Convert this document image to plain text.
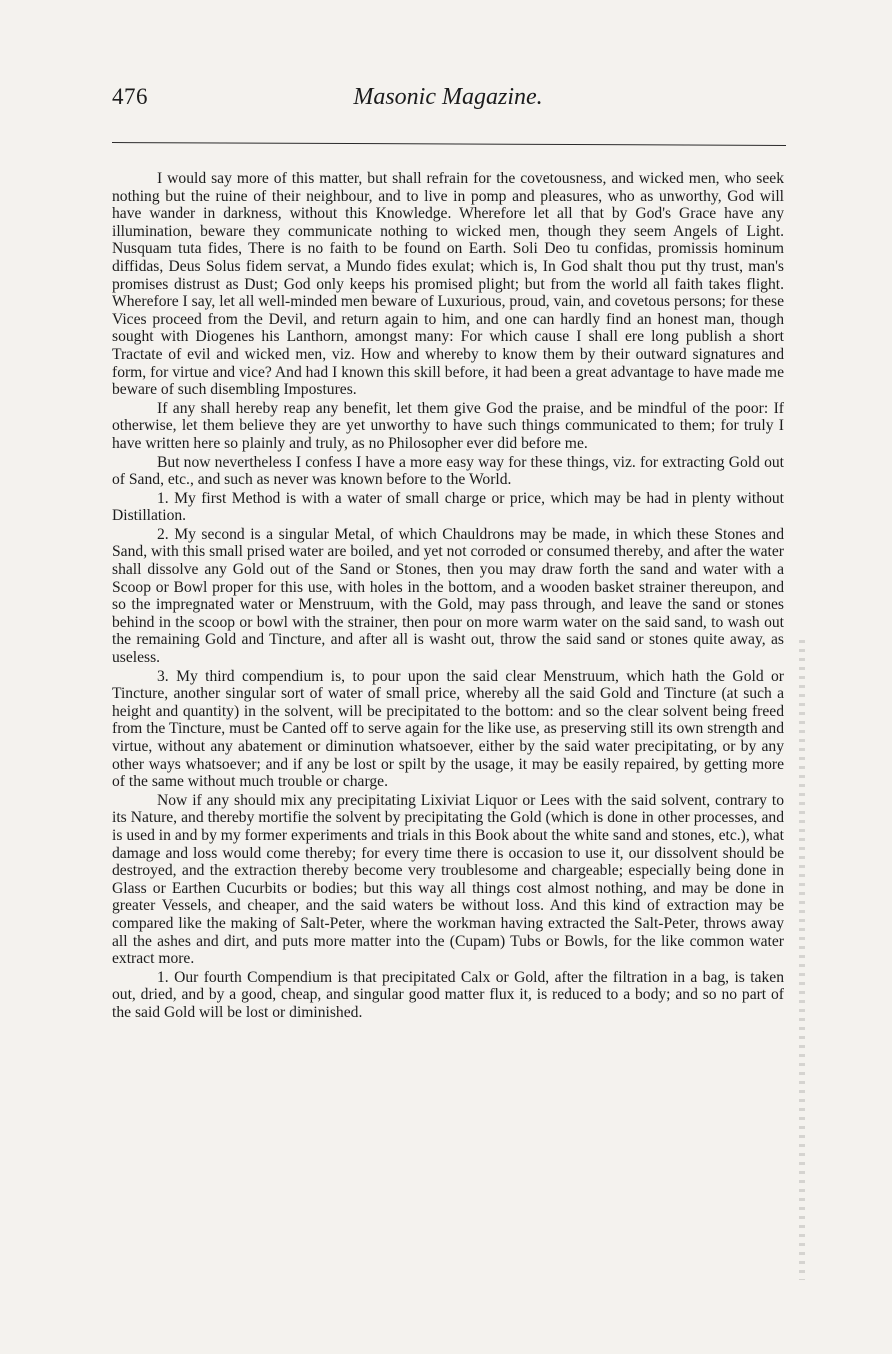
476	Masonic Magazine.

I would say more of this matter, but shall refrain for the covetousness, and wicked men, who seek nothing but the ruine of their neighbour, and to live in pomp and pleasures, who as unworthy, God will have wander in darkness, without this Knowledge. Wherefore let all that by God's Grace have any illumination, beware they communicate nothing to wicked men, though they seem Angels of Light. Nusquam tuta fides, There is no faith to be found on Earth. Soli Deo tu confidas, promissis hominum diffidas, Deus Solus fidem servat, a Mundo fides exulat; which is, In God shalt thou put thy trust, man's promises distrust as Dust; God only keeps his promised plight; but from the world all faith takes flight. Wherefore I say, let all well-minded men beware of Luxurious, proud, vain, and covetous persons; for these Vices proceed from the Devil, and return again to him, and one can hardly find an honest man, though sought with Diogenes his Lanthorn, amongst many: For which cause I shall ere long publish a short Tractate of evil and wicked men, viz. How and whereby to know them by their outward signatures and form, for virtue and vice? And had I known this skill before, it had been a great advantage to have made me beware of such disembling Impostures.

If any shall hereby reap any benefit, let them give God the praise, and be mindful of the poor: If otherwise, let them believe they are yet unworthy to have such things communicated to them; for truly I have written here so plainly and truly, as no Philosopher ever did before me.

But now nevertheless I confess I have a more easy way for these things, viz. for extracting Gold out of Sand, etc., and such as never was known before to the World.

1. My first Method is with a water of small charge or price, which may be had in plenty without Distillation.

2. My second is a singular Metal, of which Chauldrons may be made, in which these Stones and Sand, with this small prised water are boiled, and yet not corroded or consumed thereby, and after the water shall dissolve any Gold out of the Sand or Stones, then you may draw forth the sand and water with a Scoop or Bowl proper for this use, with holes in the bottom, and a wooden basket strainer thereupon, and so the impregnated water or Menstruum, with the Gold, may pass through, and leave the sand or stones behind in the scoop or bowl with the strainer, then pour on more warm water on the said sand, to wash out the remaining Gold and Tincture, and after all is washt out, throw the said sand or stones quite away, as useless.

3. My third compendium is, to pour upon the said clear Menstruum, which hath the Gold or Tincture, another singular sort of water of small price, whereby all the said Gold and Tincture (at such a height and quantity) in the solvent, will be precipitated to the bottom: and so the clear solvent being freed from the Tincture, must be Canted off to serve again for the like use, as preserving still its own strength and virtue, without any abatement or diminution whatsoever, either by the said water precipitating, or by any other ways whatsoever; and if any be lost or spilt by the usage, it may be easily repaired, by getting more of the same without much trouble or charge.

Now if any should mix any precipitating Lixiviat Liquor or Lees with the said solvent, contrary to its Nature, and thereby mortifie the solvent by precipitating the Gold (which is done in other processes, and is used in and by my former experiments and trials in this Book about the white sand and stones, etc.), what damage and loss would come thereby; for every time there is occasion to use it, our dissolvent should be destroyed, and the extraction thereby become very troublesome and chargeable; especially being done in Glass or Earthen Cucurbits or bodies; but this way all things cost almost nothing, and may be done in greater Vessels, and cheaper, and the said waters be without loss. And this kind of extraction may be compared like the making of Salt-Peter, where the workman having extracted the Salt-Peter, throws away all the ashes and dirt, and puts more matter into the (Cupam) Tubs or Bowls, for the like common water extract more.

1. Our fourth Compendium is that precipitated Calx or Gold, after the filtration in a bag, is taken out, dried, and by a good, cheap, and singular good matter flux it, is reduced to a body; and so no part of the said Gold will be lost or diminished.
